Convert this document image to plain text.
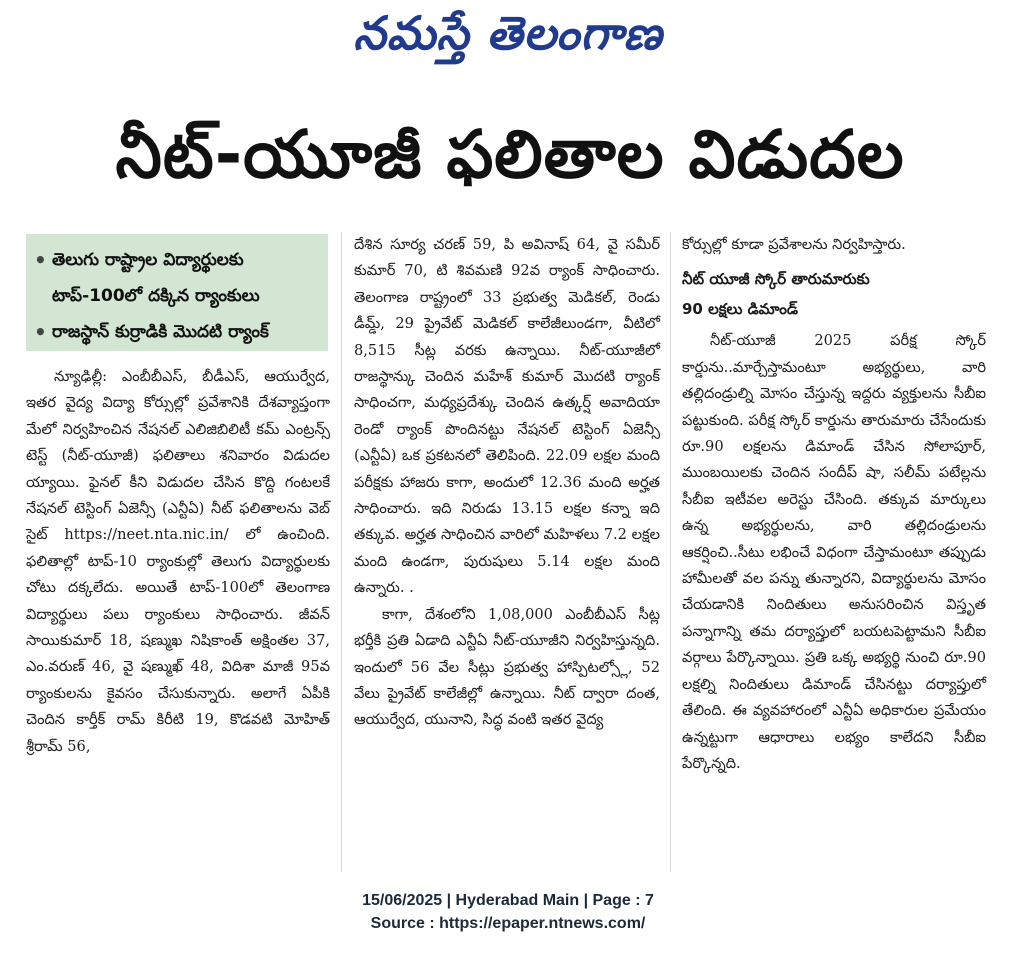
నమస్తే తెలంగాణ
నీట్-యూజీ ఫలితాల విడుదల
• తెలుగు రాష్ట్రాల విద్యార్థులకు
టాప్-100లో దక్కిన ర్యాంకులు
• రాజస్థాన్ కుర్రాడికి మొదటి ర్యాంక్

న్యూఢిల్లీ: ఎంబీబీఎస్, బీడీఎస్, ఆయుర్వేద, ఇతర వైద్య విద్యా కోర్సుల్లో ప్రవేశానికి దేశవ్యాప్తంగా మేలో నిర్వహించిన నేషనల్ ఎలిజిబిలిటీ కమ్ ఎంట్రన్స్ టెస్ట్ (నీట్-యూజీ) ఫలితాలు శనివారం విడుదల య్యాయి. ఫైనల్ కీని విడుదల చేసిన కొద్ది గంటలకే నేషనల్ టెస్టింగ్ ఏజెన్సీ (ఎన్టీఏ) నీట్ ఫలితాలను వెబ్ సైట్ https://neet.nta.nic.in/ లో ఉంచింది. ఫలితాల్లో టాప్-10 ర్యాంకుల్లో తెలుగు విద్యార్థులకు చోటు దక్కలేదు. అయితే టాప్-100లో తెలంగాణ విద్యార్థులు పలు ర్యాంకులు సాధించారు. జీవన్ సాయికుమార్ 18, షణ్ముఖ నిషికాంత్ అక్షింతల 37, ఎం.వరుణ్ 46, వై షణ్ముఖ్ 48, విదిశా మాజీ 95వ ర్యాంకులను కైవసం చేసుకున్నారు. అలాగే ఏపీకి చెందిన కార్తీక్ రామ్ కిరీటి 19, కొడవటి మోహిత్ శ్రీరామ్ 56,

దేశిన సూర్య చరణ్ 59, పి అవినాష్ 64, వై సమీర్ కుమార్ 70, టి శివమణి 92వ ర్యాంక్ సాధించారు. తెలంగాణ రాష్ట్రంలో 33 ప్రభుత్వ మెడికల్, రెండు డీమ్డ్, 29 ప్రైవేట్ మెడికల్ కాలేజీలుండగా, వీటిలో 8,515 సీట్ల వరకు ఉన్నాయి. నీట్-యూజీలో రాజస్థాన్కు చెందిన మహేశ్ కుమార్ మొదటి ర్యాంక్ సాధించగా, మధ్యప్రదేశ్కు చెందిన ఉత్కర్ష్ అవాదియా రెండో ర్యాంక్ పొందినట్టు నేషనల్ టెస్టింగ్ ఏజెన్సీ (ఎన్టీఏ) ఒక ప్రకటనలో తెలిపింది. 22.09 లక్షల మంది పరీక్షకు హాజరు కాగా, అందులో 12.36 మంది అర్హత సాధించారు. ఇది నిరుడు 13.15 లక్షల కన్నా ఇది తక్కువ. అర్హత సాధించిన వారిలో మహిళలు 7.2 లక్షల మంది ఉండగా, పురుషులు 5.14 లక్షల మంది ఉన్నారు. .

కాగా, దేశంలోని 1,08,000 ఎంబీబీఎస్ సీట్ల భర్తీకి ప్రతి ఏడాది ఎన్టీఏ నీట్-యూజీని నిర్వహిస్తున్నది. ఇందులో 56 వేల సీట్లు ప్రభుత్వ హాస్పిటల్స్లో, 52 వేలు ప్రైవేట్ కాలేజీల్లో ఉన్నాయి. నీట్ ద్వారా దంత, ఆయుర్వేద, యునాని, సిద్ధ వంటి ఇతర వైద్య

కోర్సుల్లో కూడా ప్రవేశాలను నిర్వహిస్తారు.

నీట్ యూజీ స్కోర్ తారుమారుకు
90 లక్షలు డిమాండ్

నీట్-యూజీ 2025 పరీక్ష స్కోర్ కార్డును..మార్చేస్తామంటూ అభ్యర్థులు, వారి తల్లిదండ్రుల్ని మోసం చేస్తున్న ఇద్దరు వ్యక్తులను సీబీఐ పట్టుకుంది. పరీక్ష స్కోర్ కార్డును తారుమారు చేసేందుకు రూ.90 లక్షలను డిమాండ్ చేసిన సోలాపూర్, ముంబయిలకు చెందిన సందీప్ షా, సలీమ్ పటేల్లను సీబీఐ ఇటీవల అరెస్టు చేసింది. తక్కువ మార్కులు ఉన్న అభ్యర్థులను, వారి తల్లిదండ్రులను ఆకర్షించి..సీటు లభించే విధంగా చేస్తామంటూ తప్పుడు హామీలతో వల పన్ను తున్నారని, విద్యార్థులను మోసం చేయడానికి నిందితులు అనుసరించిన విస్తృత పన్నాగాన్ని తమ దర్యాప్తులో బయటపెట్టామని సీబీఐ వర్గాలు పేర్కొన్నాయి. ప్రతి ఒక్క అభ్యర్థి నుంచి రూ.90 లక్షల్ని నిందితులు డిమాండ్ చేసినట్టు దర్యాప్తులో తేలింది. ఈ వ్యవహారంలో ఎన్టీఏ అధికారుల ప్రమేయం ఉన్నట్టుగా ఆధారాలు లభ్యం కాలేదని సీబీఐ పేర్కొన్నది.

15/06/2025 | Hyderabad Main | Page : 7
Source : https://epaper.ntnews.com/
